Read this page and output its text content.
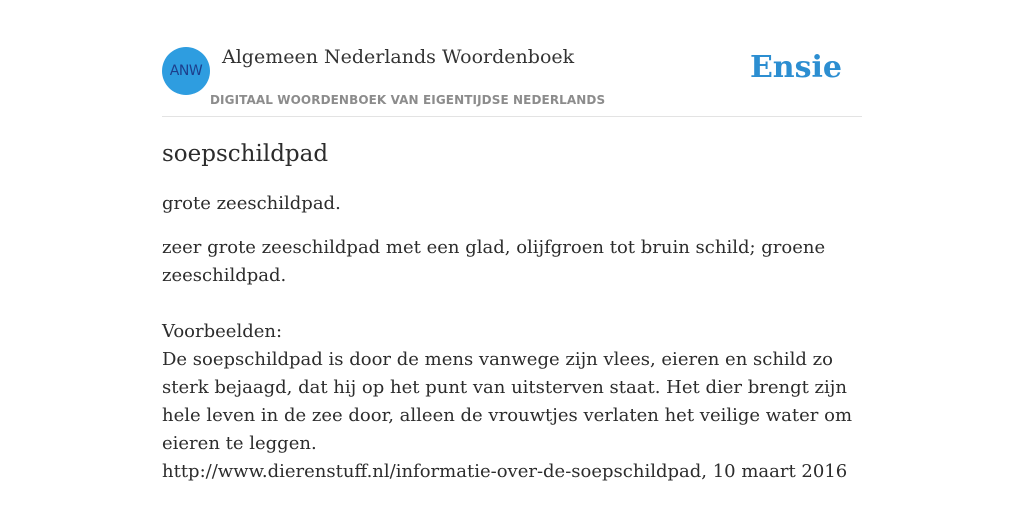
ANW
Algemeen Nederlands Woordenboek
DIGITAAL WOORDENBOEK VAN EIGENTIJDSE NEDERLANDS
Ensie
soepschildpad

grote zeeschildpad.

zeer grote zeeschildpad met een glad, olijfgroen tot bruin schild; groene zeeschildpad.

Voorbeelden:

De soepschildpad is door de mens vanwege zijn vlees, eieren en schild zo sterk bejaagd, dat hij op het punt van uitsterven staat. Het dier brengt zijn hele leven in de zee door, alleen de vrouwtjes verlaten het veilige water om eieren te leggen.

http://www.dierenstuff.nl/informatie-over-de-soepschildpad, 10 maart 2016
